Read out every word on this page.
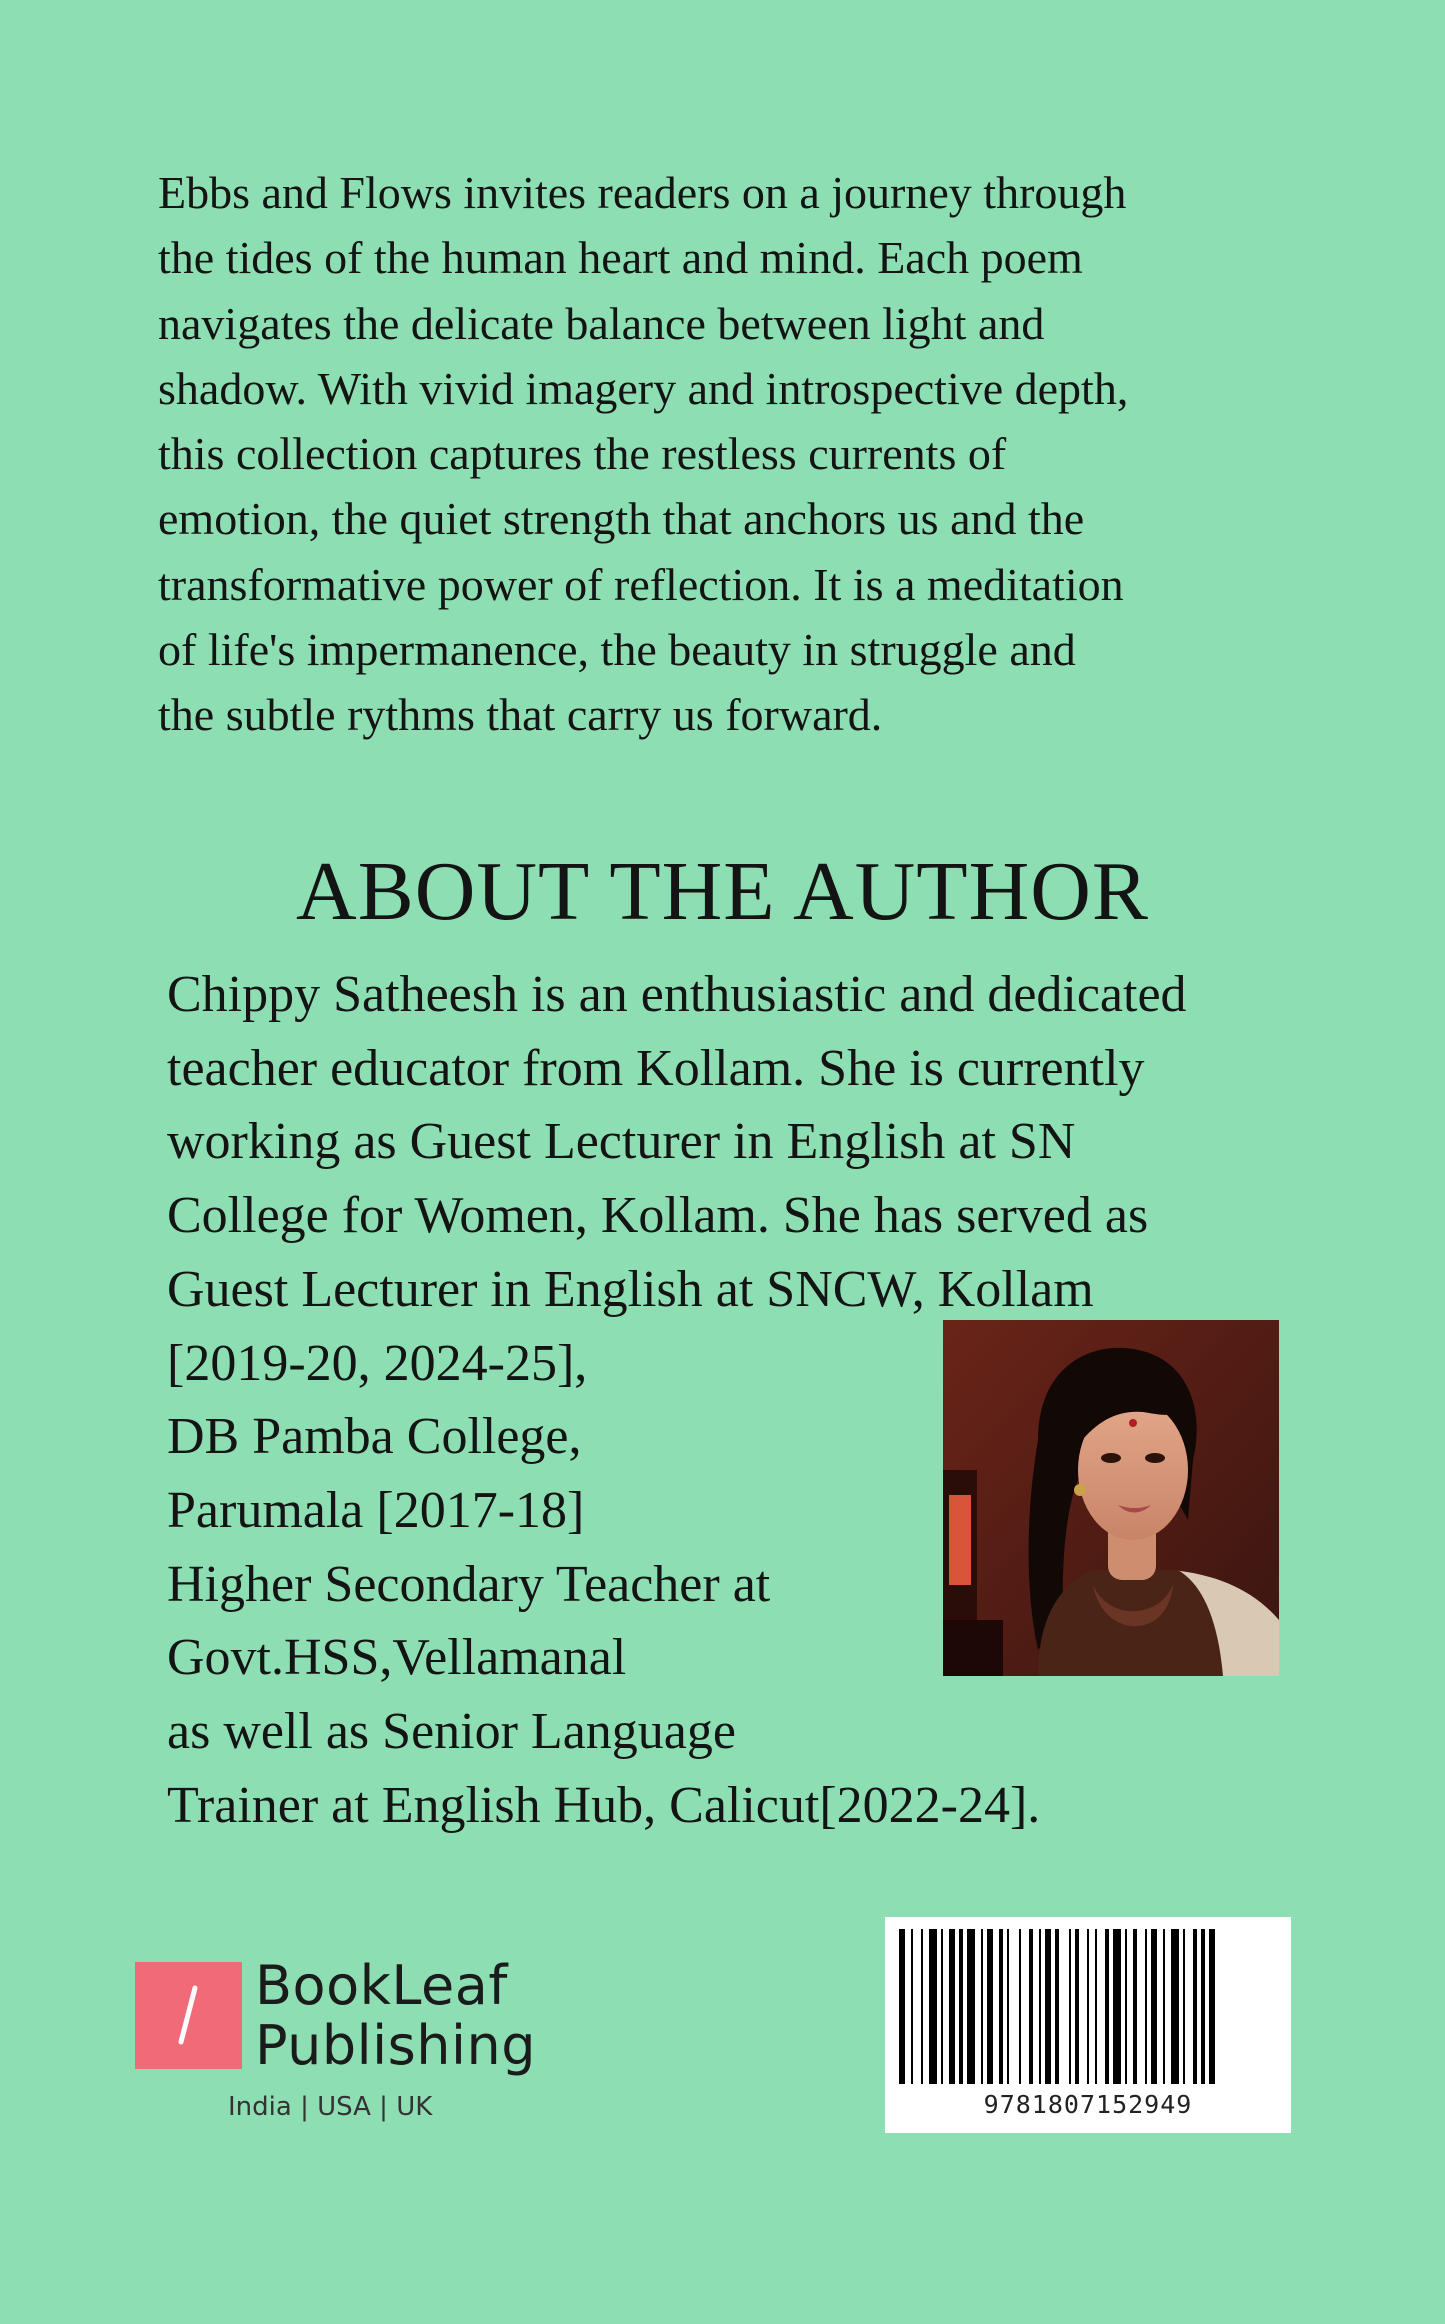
Ebbs and Flows invites readers on a journey through
the tides of the human heart and mind. Each poem
navigates the delicate balance between light and
shadow. With vivid imagery and introspective depth,
this collection captures the restless currents of
emotion, the quiet strength that anchors us and the
transformative power of reflection. It is a meditation
of life's impermanence, the beauty in struggle and
the subtle rythms that carry us forward.
ABOUT THE AUTHOR
Chippy Satheesh is an enthusiastic and dedicated
teacher educator from Kollam. She is currently
working as Guest Lecturer in English at SN
College for Women, Kollam. She has served as
Guest Lecturer in English at SNCW, Kollam
[2019-20, 2024-25],
DB Pamba College,
Parumala [2017-18]
Higher Secondary Teacher at
Govt.HSS,Vellamanal
as well as Senior Language
Trainer at English Hub, Calicut[2022-24].
BookLeaf
Publishing
India | USA | UK	9781807152949
